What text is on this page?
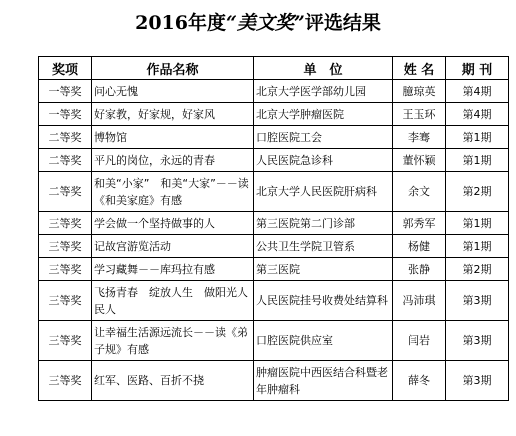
2016年度“美文奖”评选结果
奖项	作品名称	单　位	姓 名	期 刊
一等奖	问心无愧	北京大学医学部幼儿园	臆琼英	第4期
一等奖	好家教，好家规，好家风	北京大学肿瘤医院	王玉环	第4期
二等奖	博物馆	口腔医院工会	李骞	第1期
二等奖	平凡的岗位，永远的青春	人民医院急诊科	董怀颖	第1期
二等奖	和美“小家”　和美“大家”－－读《和美家庭》有感	北京大学人民医院肝病科	余文	第2期
三等奖	学会做一个坚持做事的人	第三医院第二门诊部	郭秀军	第1期
三等奖	记故宫游览活动	公共卫生学院卫管系	杨健	第1期
三等奖	学习藏舞－－库玛拉有感	第三医院	张静	第2期
三等奖	飞扬青春　绽放人生　做阳光人民人	人民医院挂号收费处结算科	冯沛琪	第3期
三等奖	让幸福生活源远流长－－读《弟子规》有感	口腔医院供应室	闫岩	第3期
三等奖	红军、医路、百折不挠	肿瘤医院中西医结合科暨老年肿瘤科	薛冬	第3期
